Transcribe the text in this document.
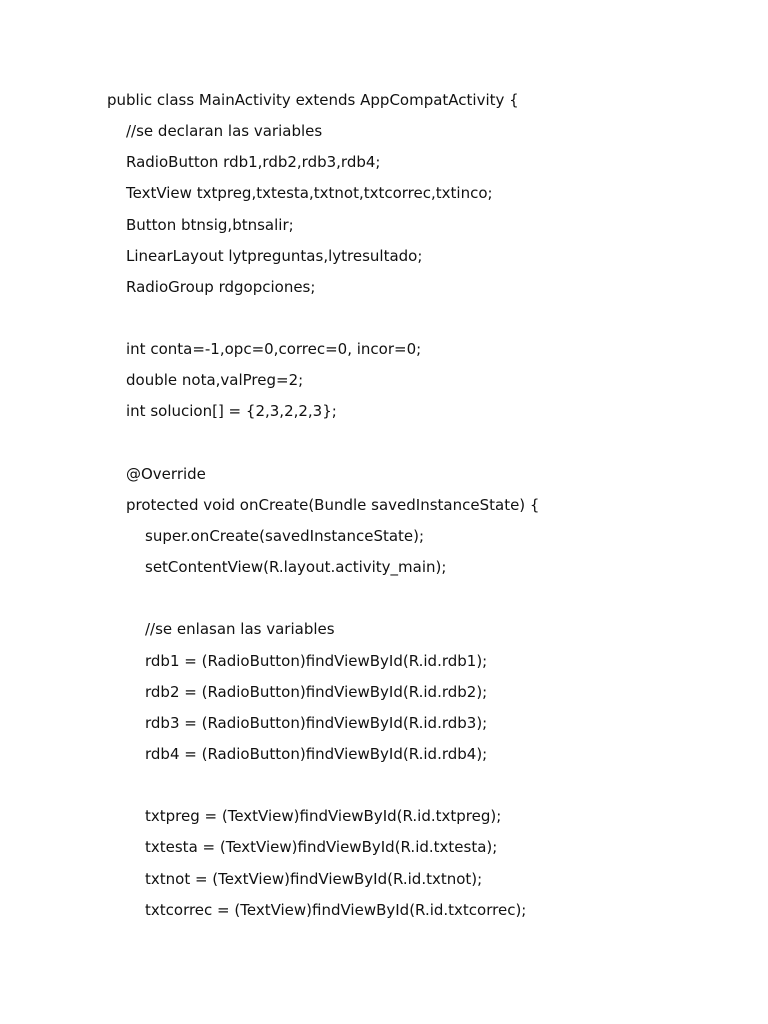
public class MainActivity extends AppCompatActivity {
//se declaran las variables
RadioButton rdb1,rdb2,rdb3,rdb4;
TextView txtpreg,txtesta,txtnot,txtcorrec,txtinco;
Button btnsig,btnsalir;
LinearLayout lytpreguntas,lytresultado;
RadioGroup rdgopciones;
int conta=-1,opc=0,correc=0, incor=0;
double nota,valPreg=2;
int solucion[] = {2,3,2,2,3};
@Override
protected void onCreate(Bundle savedInstanceState) {
super.onCreate(savedInstanceState);
setContentView(R.layout.activity_main);
//se enlasan las variables
rdb1 = (RadioButton)findViewById(R.id.rdb1);
rdb2 = (RadioButton)findViewById(R.id.rdb2);
rdb3 = (RadioButton)findViewById(R.id.rdb3);
rdb4 = (RadioButton)findViewById(R.id.rdb4);
txtpreg = (TextView)findViewById(R.id.txtpreg);
txtesta = (TextView)findViewById(R.id.txtesta);
txtnot = (TextView)findViewById(R.id.txtnot);
txtcorrec = (TextView)findViewById(R.id.txtcorrec);
